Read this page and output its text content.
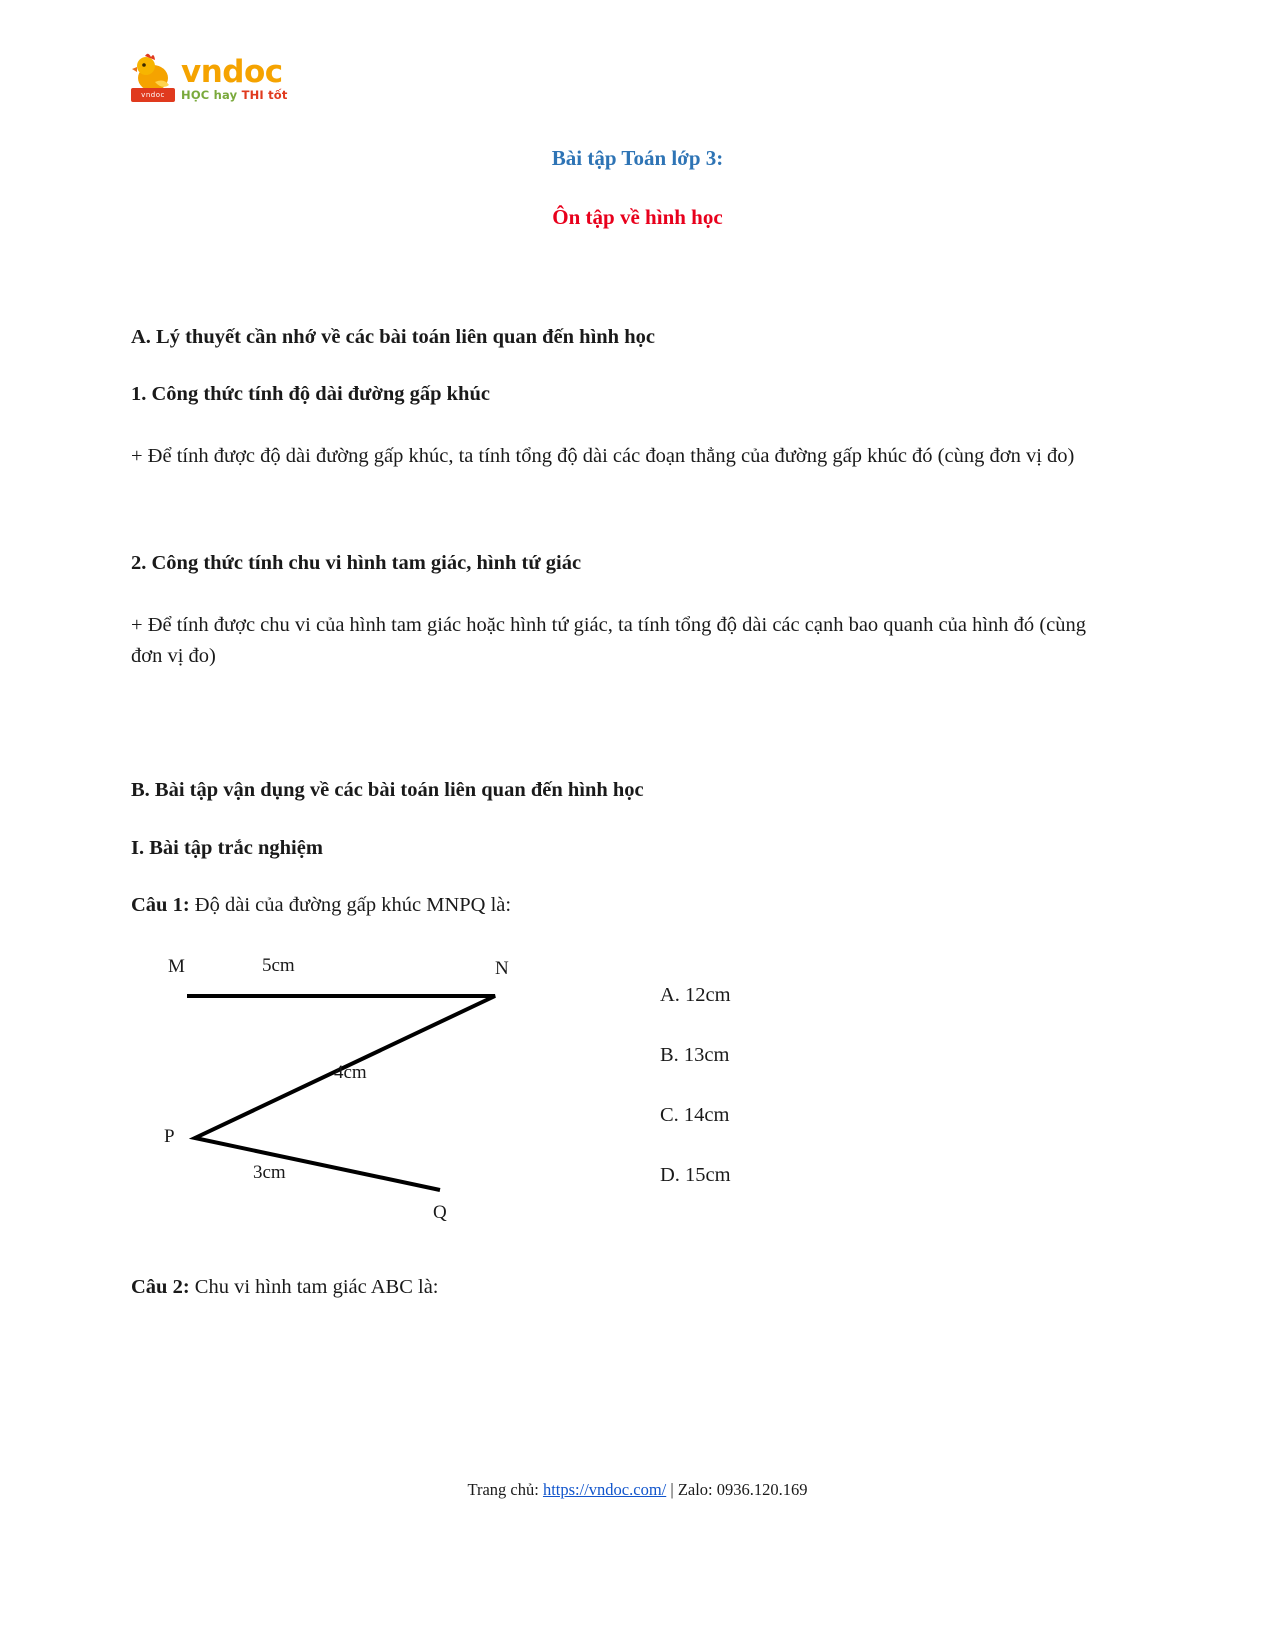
vndoc
vndoc	HỌC hay THI tốt
Bài tập Toán lớp 3:
Ôn tập về hình học
A. Lý thuyết cần nhớ về các bài toán liên quan đến hình học
1. Công thức tính độ dài đường gấp khúc
+ Để tính được độ dài đường gấp khúc, ta tính tổng độ dài các đoạn thẳng của đường gấp khúc đó (cùng đơn vị đo)
2. Công thức tính chu vi hình tam giác, hình tứ giác
+ Để tính được chu vi của hình tam giác hoặc hình tứ giác, ta tính tổng độ dài các cạnh bao quanh của hình đó (cùng đơn vị đo)
B. Bài tập vận dụng về các bài toán liên quan đến hình học
I. Bài tập trắc nghiệm
Câu 1: Độ dài của đường gấp khúc MNPQ là:
M	N
P
Q
5cm
4cm
3cm
A. 12cm
B. 13cm
C. 14cm
D. 15cm
Câu 2: Chu vi hình tam giác ABC là:
Trang chủ: https://vndoc.com/ | Zalo: 0936.120.169
